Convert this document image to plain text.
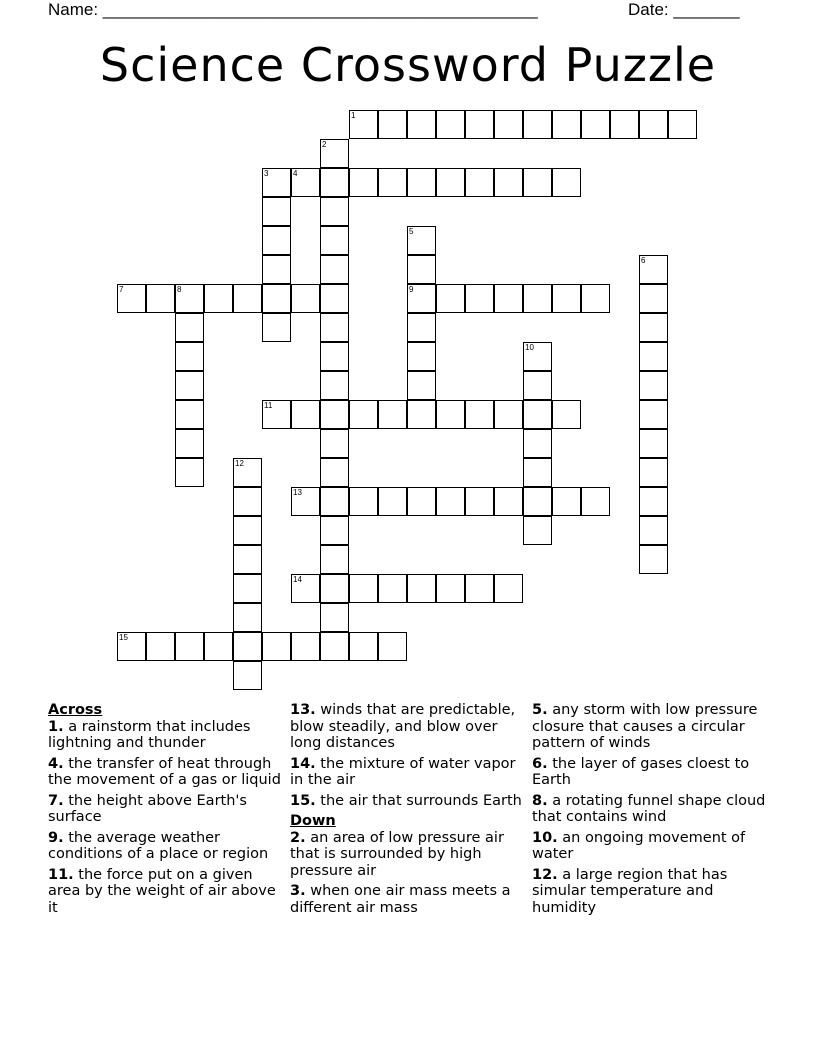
Name: ______________________________________________	Date: _______
Science Crossword Puzzle
1
2
3	4
5
9
6
7	8
10
11
12
13
14
15

Across

1. a rainstorm that includes lightning and thunder

4. the transfer of heat through the movement of a gas or liquid

7. the height above Earth's surface

9. the average weather conditions of a place or region

11. the force put on a given area by the weight of air above it

13. winds that are predictable, blow steadily, and blow over long distances

14. the mixture of water vapor in the air

15. the air that surrounds Earth

Down

2. an area of low pressure air that is surrounded by high pressure air

3. when one air mass meets a different air mass

5. any storm with low pressure closure that causes a circular pattern of winds

6. the layer of gases cloest to Earth

8. a rotating funnel shape cloud that contains wind

10. an ongoing movement of water

12. a large region that has simular temperature and humidity
